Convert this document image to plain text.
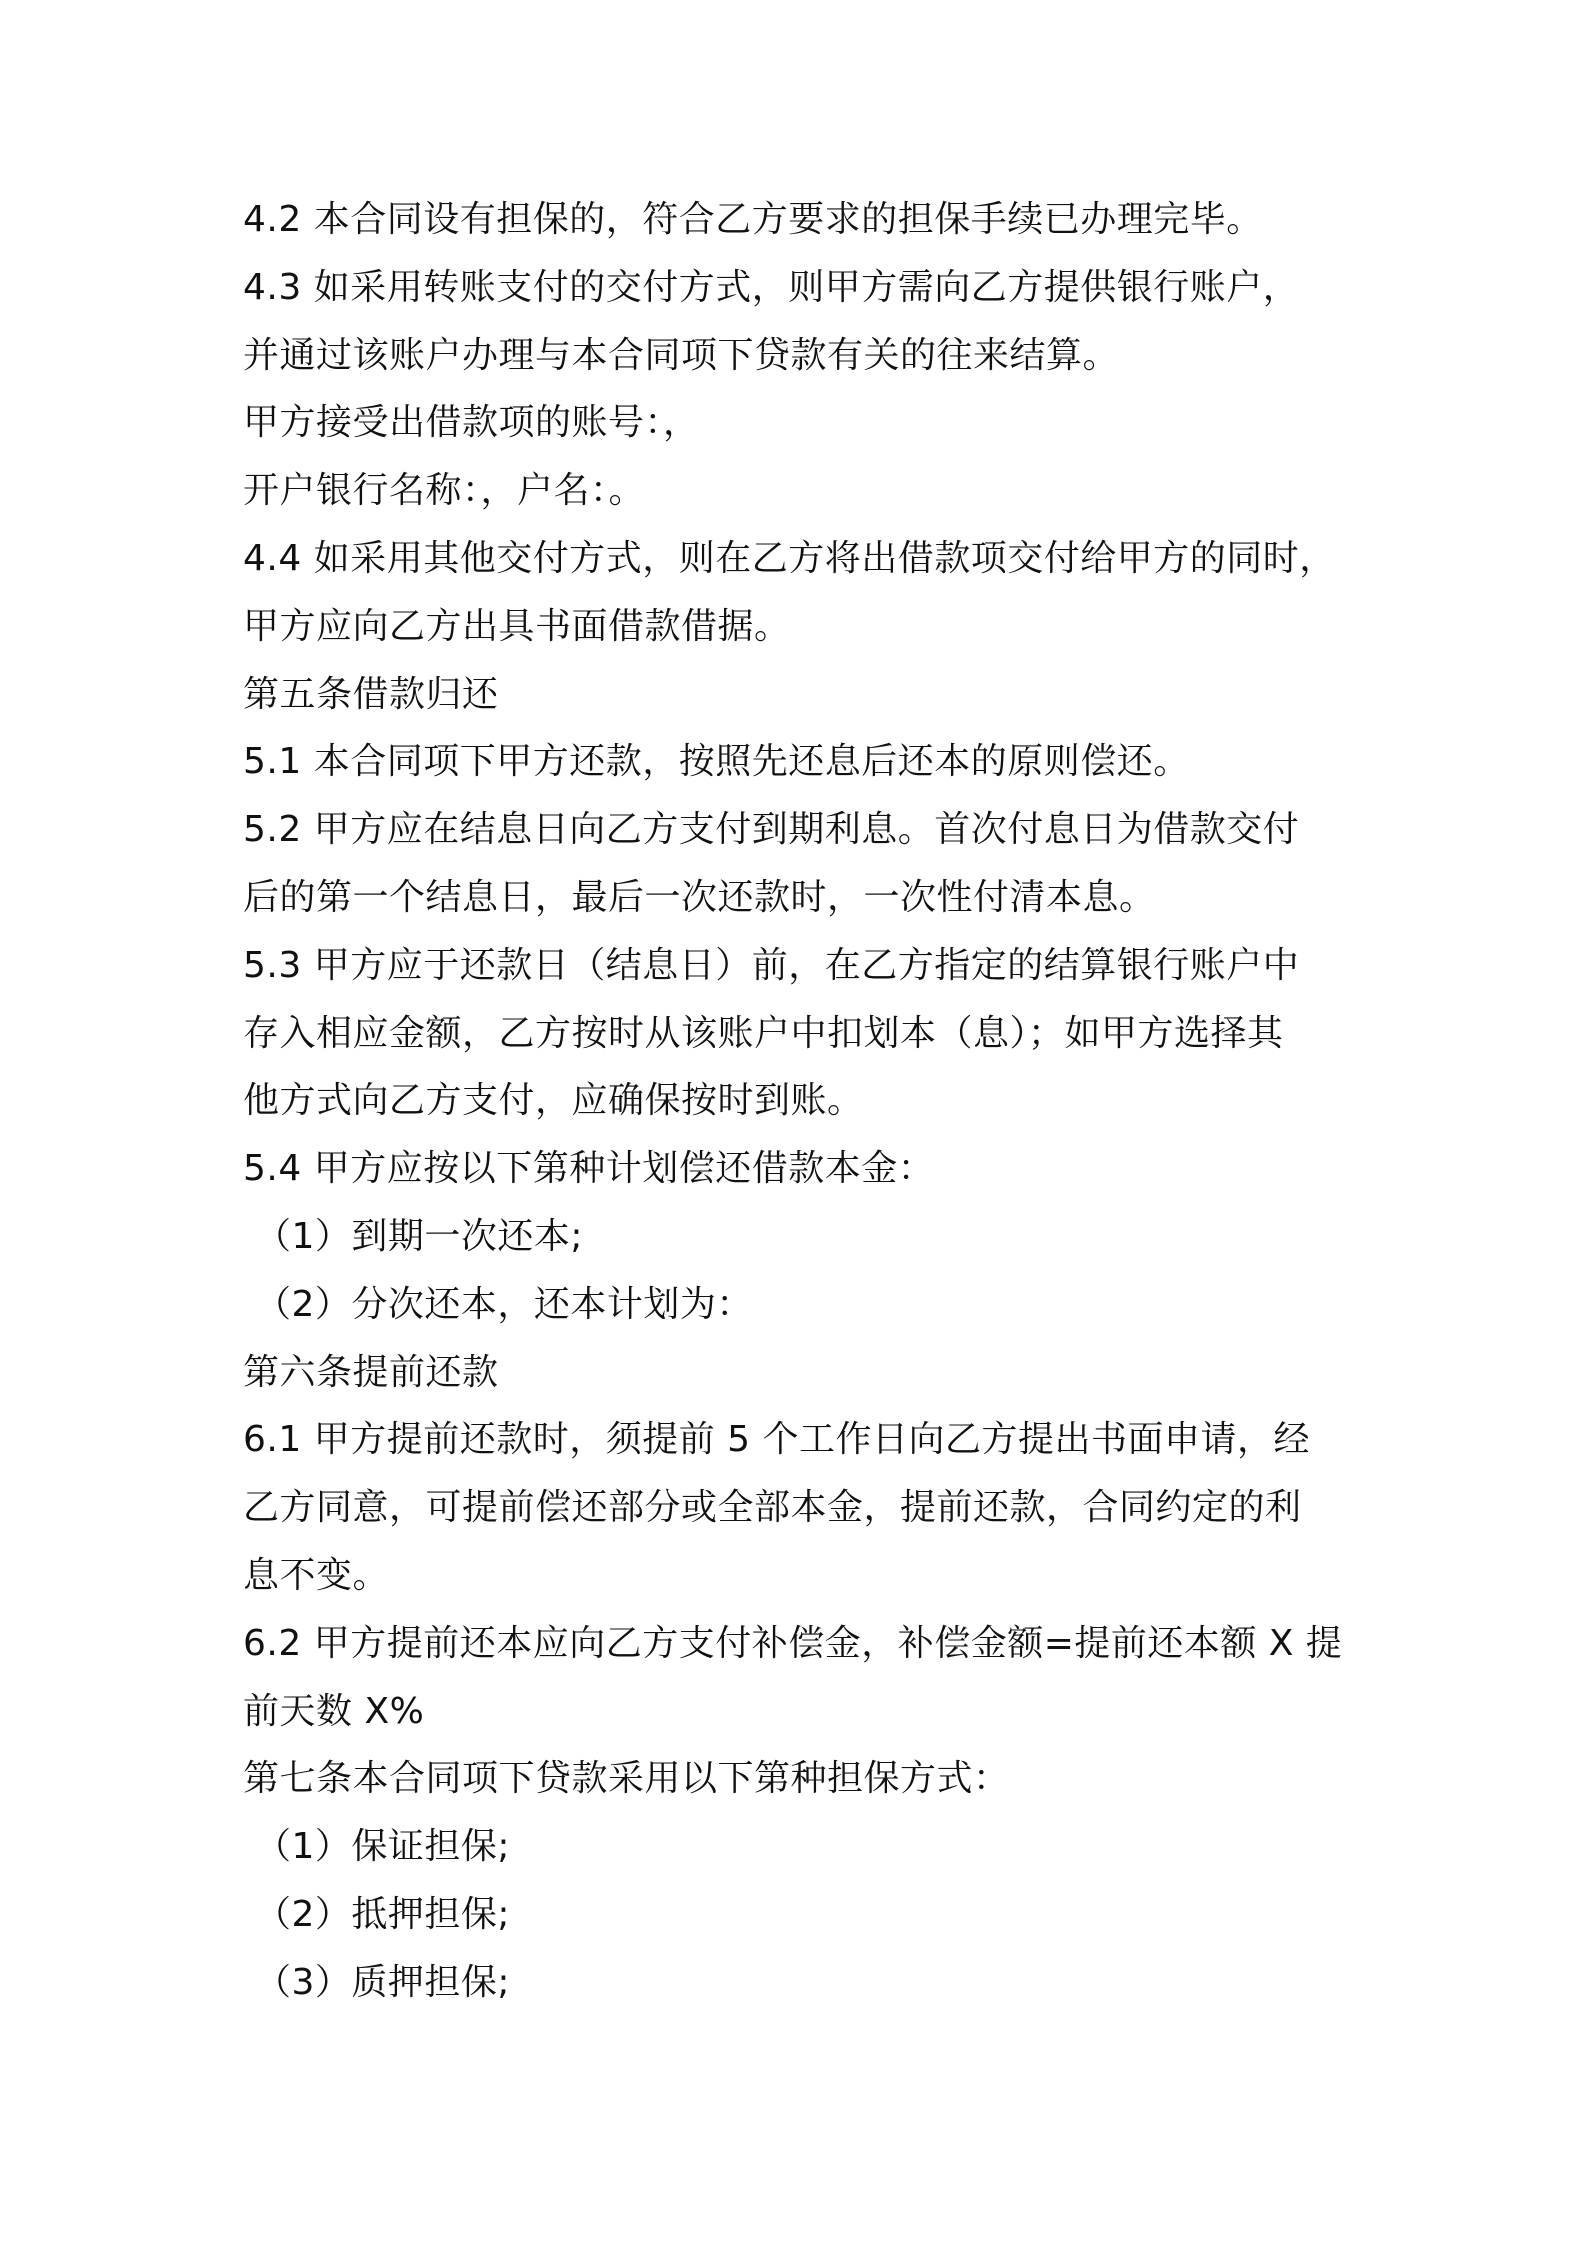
4.2 本合同设有担保的，符合乙方要求的担保手续已办理完毕。
4.3 如采用转账支付的交付方式，则甲方需向乙方提供银行账户，
并通过该账户办理与本合同项下贷款有关的往来结算。
甲方接受出借款项的账号：，
开户银行名称：，户名：。
4.4 如采用其他交付方式，则在乙方将出借款项交付给甲方的同时，
甲方应向乙方出具书面借款借据。
第五条借款归还
5.1 本合同项下甲方还款，按照先还息后还本的原则偿还。
5.2 甲方应在结息日向乙方支付到期利息。首次付息日为借款交付
后的第一个结息日，最后一次还款时，一次性付清本息。
5.3 甲方应于还款日（结息日）前，在乙方指定的结算银行账户中
存入相应金额，乙方按时从该账户中扣划本（息）；如甲方选择其
他方式向乙方支付，应确保按时到账。
5.4 甲方应按以下第种计划偿还借款本金：
（1）到期一次还本;
（2）分次还本，还本计划为：
第六条提前还款
6.1 甲方提前还款时，须提前 5 个工作日向乙方提出书面申请，经
乙方同意，可提前偿还部分或全部本金，提前还款，合同约定的利
息不变。
6.2 甲方提前还本应向乙方支付补偿金，补偿金额=提前还本额 X 提
前天数 X%
第七条本合同项下贷款采用以下第种担保方式：
（1）保证担保;
（2）抵押担保;
（3）质押担保;
